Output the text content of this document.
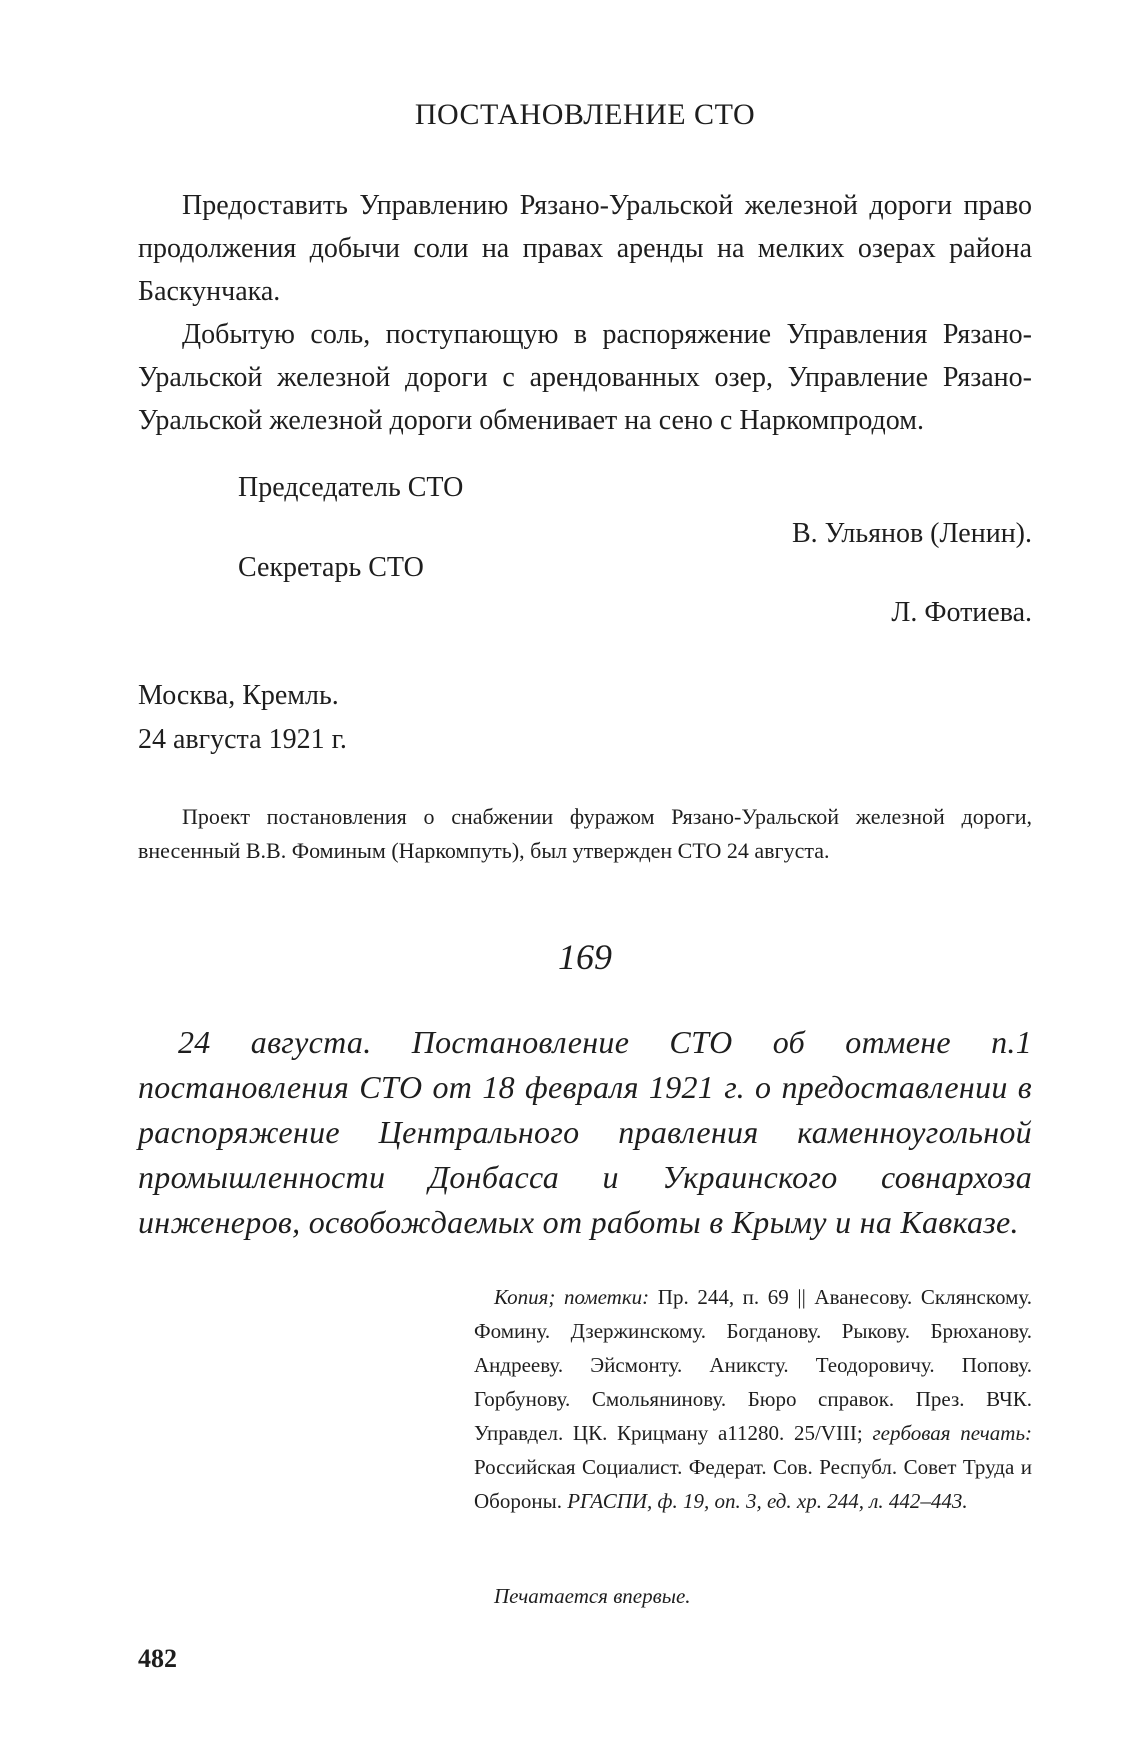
ПОСТАНОВЛЕНИЕ СТО

Предоставить Управлению Рязано-Уральской железной дороги право продолжения добычи соли на правах аренды на мелких озерах района Баскунчака.

Добытую соль, поступающую в распоряжение Управления Рязано-Уральской железной дороги с арендованных озер, Управление Рязано-Уральской железной дороги обменивает на сено с Наркомпродом.

Председатель СТО
В. Ульянов (Ленин).
Секретарь СТО
Л. Фотиева.
Москва, Кремль.
24 августа 1921 г.

Проект постановления о снабжении фуражом Рязано-Уральской железной дороги, внесенный В.В. Фоминым (Наркомпуть), был утвержден СТО 24 августа.

169

24 августа. Постановление СТО об отмене п.1 постановления СТО от 18 февраля 1921 г. о предоставлении в распоряжение Центрального правления каменноугольной промышленности Донбасса и Украинского совнархоза инженеров, освобождаемых от работы в Крыму и на Кавказе.

Копия; пометки: Пр. 244, п. 69 || Аванесову. Склянскому. Фомину. Дзержинскому. Богданову. Рыкову. Брюханову. Андрееву. Эйсмонту. Аниксту. Теодоровичу. Попову. Горбунову. Смольянинову. Бюро справок. През. ВЧК. Управдел. ЦК. Крицману а11280. 25/VIII; гербовая печать: Российская Социалист. Федерат. Сов. Республ. Совет Труда и Обороны. РГАСПИ, ф. 19, оп. 3, ед. хр. 244, л. 442–443.

Печатается впервые.
482
